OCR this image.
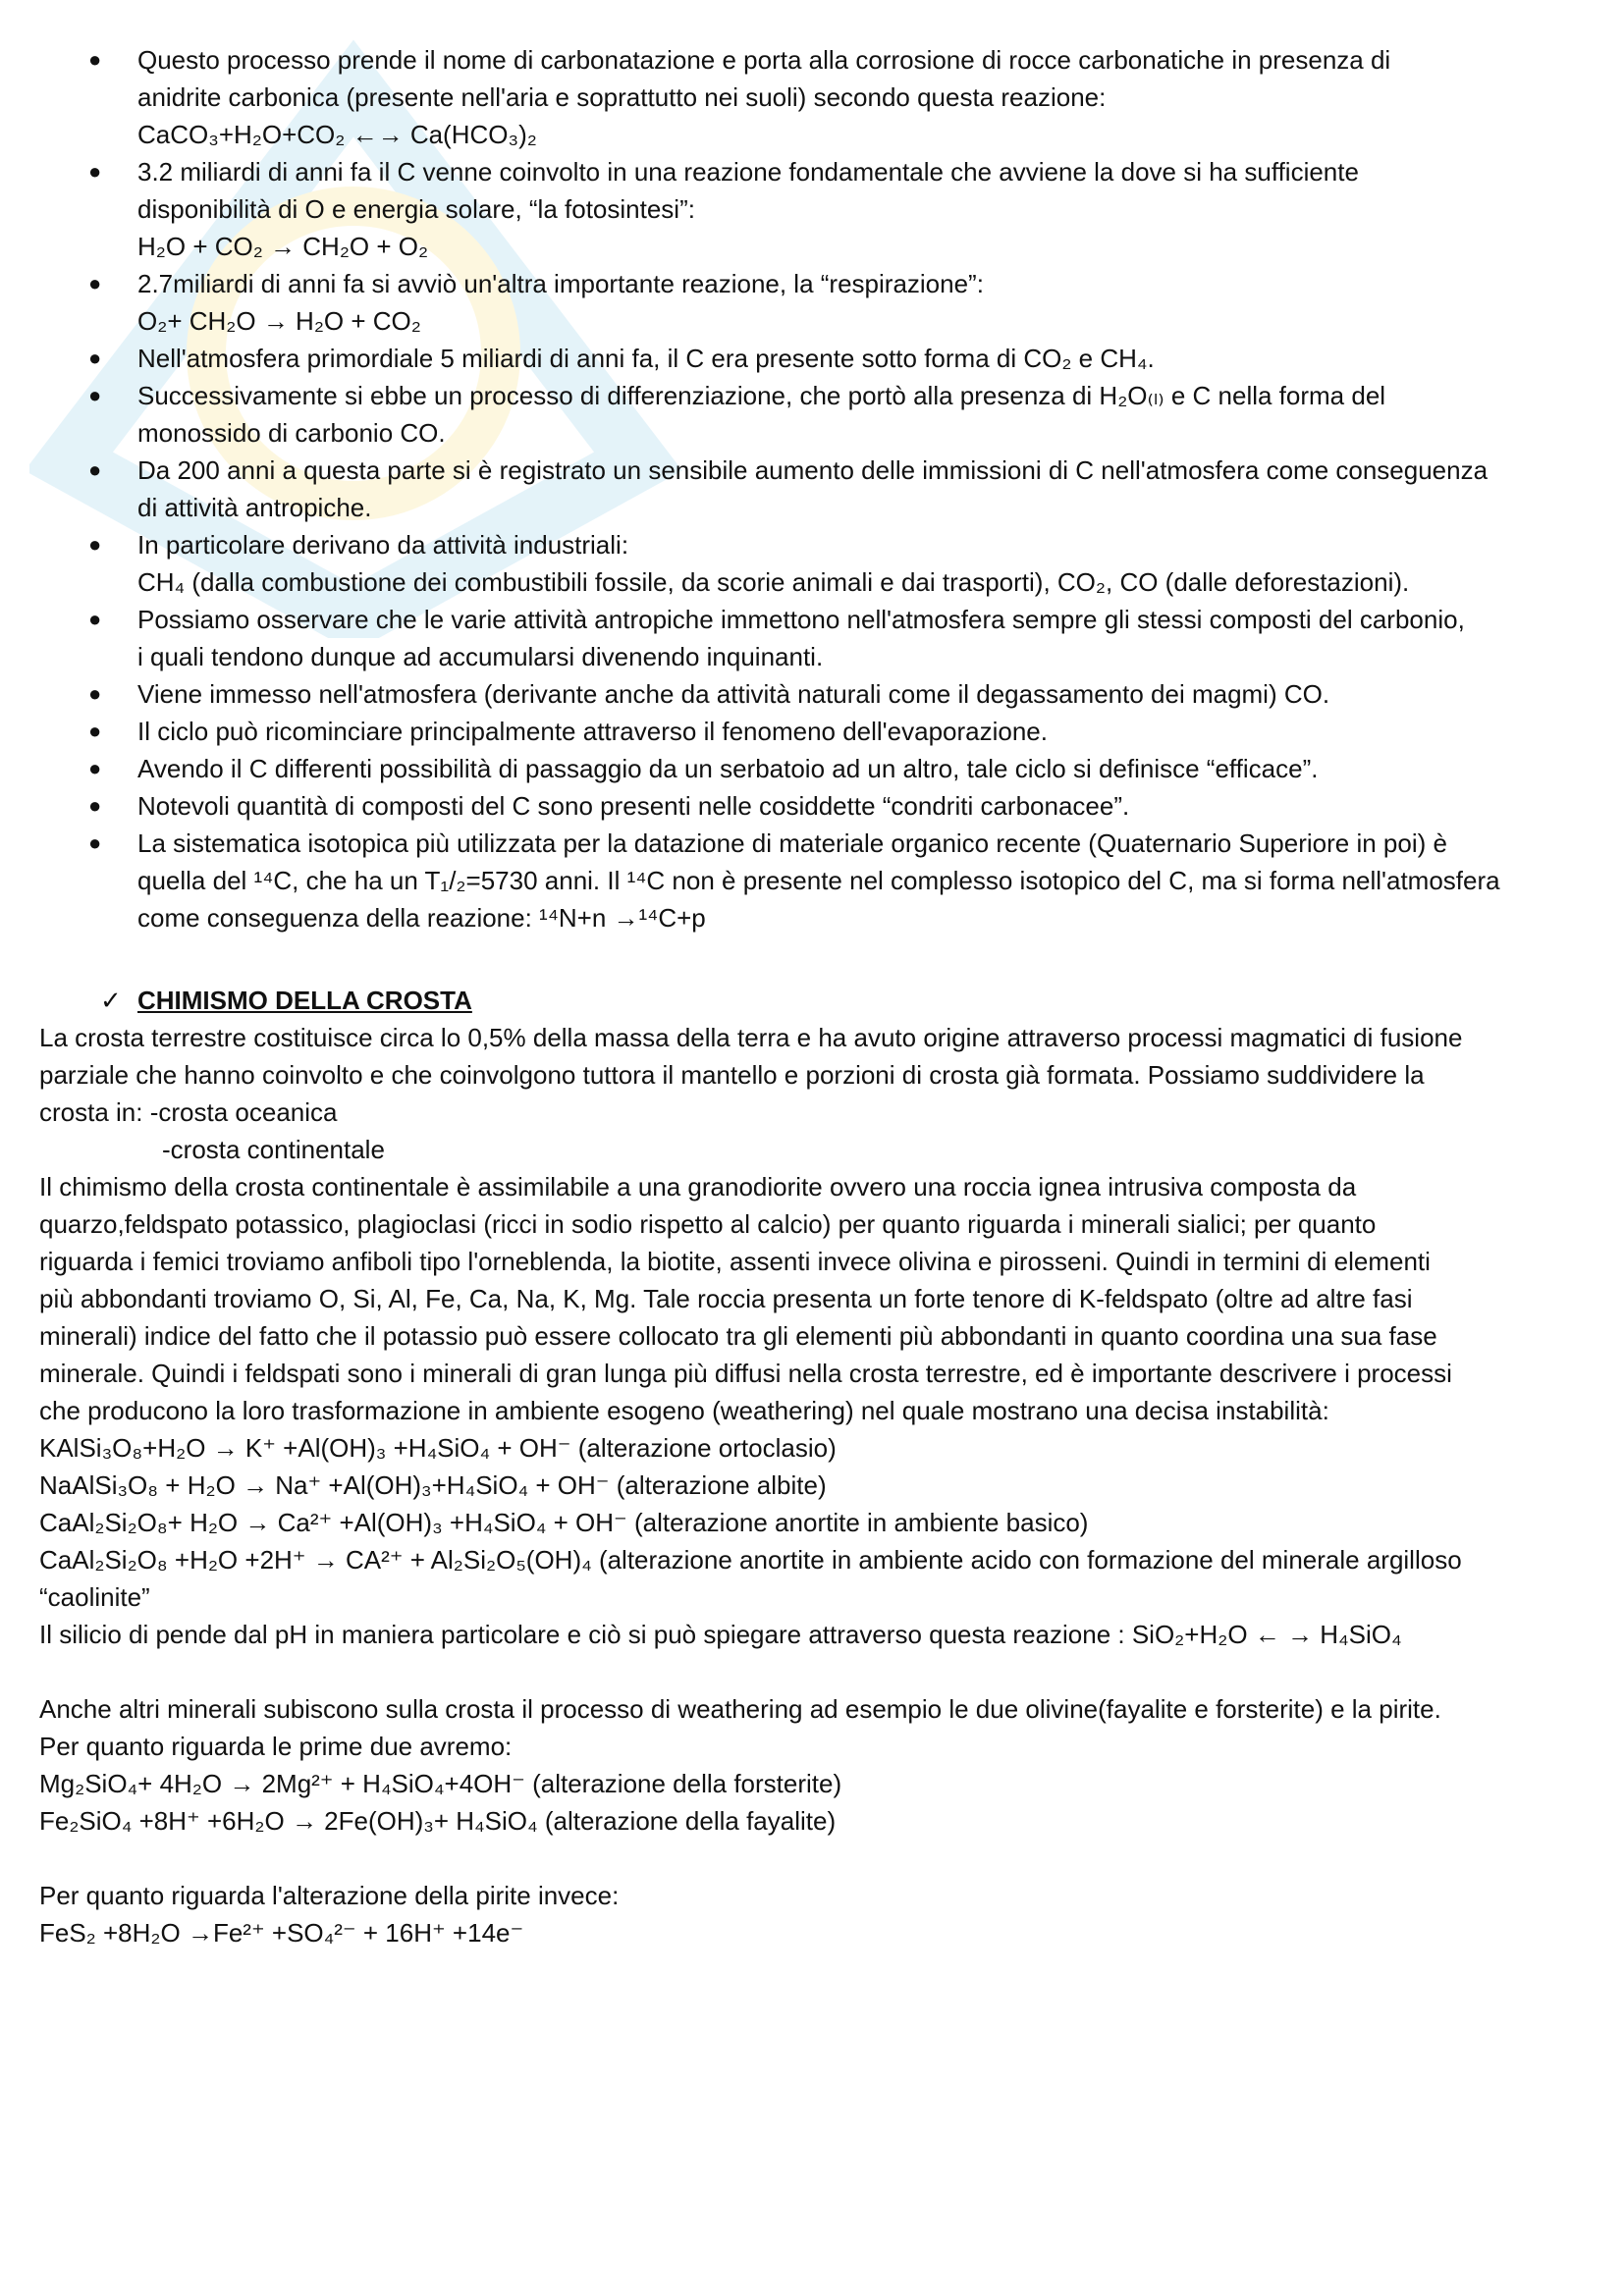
● Questo processo prende il nome di carbonatazione e porta alla corrosione di rocce carbonatiche in presenza di
anidrite carbonica (presente nell'aria e soprattutto nei suoli) secondo questa reazione:
CaCO₃+H₂O+CO₂ ←→ Ca(HCO₃)₂
● 3.2 miliardi di anni fa il C venne coinvolto in una reazione fondamentale che avviene la dove si ha sufficiente
disponibilità di O e energia solare, “la fotosintesi”:
H₂O + CO₂ → CH₂O + O₂
● 2.7miliardi di anni fa si avviò un'altra importante reazione, la “respirazione”:
O₂+ CH₂O → H₂O + CO₂
● Nell'atmosfera primordiale 5 miliardi di anni fa, il C era presente sotto forma di CO₂ e CH₄.
● Successivamente si ebbe un processo di differenziazione, che portò alla presenza di H₂O₍ₗ₎ e C nella forma del
monossido di carbonio CO.
● Da 200 anni a questa parte si è registrato un sensibile aumento delle immissioni di C nell'atmosfera come conseguenza
di attività antropiche.
● In particolare derivano da attività industriali:
CH₄ (dalla combustione dei combustibili fossile, da scorie animali e dai trasporti), CO₂, CO (dalle deforestazioni).
● Possiamo osservare che le varie attività antropiche immettono nell'atmosfera sempre gli stessi composti del carbonio,
i quali tendono dunque ad accumularsi divenendo inquinanti.
● Viene immesso nell'atmosfera (derivante anche da attività naturali come il degassamento dei magmi) CO.
● Il ciclo può ricominciare principalmente attraverso il fenomeno dell'evaporazione.
● Avendo il C differenti possibilità di passaggio da un serbatoio ad un altro, tale ciclo si definisce “efficace”.
● Notevoli quantità di composti del C sono presenti nelle cosiddette “condriti carbonacee”.
● La sistematica isotopica più utilizzata per la datazione di materiale organico recente (Quaternario Superiore in poi) è
quella del ¹⁴C, che ha un T₁/₂=5730 anni. Il ¹⁴C non è presente nel complesso isotopico del C, ma si forma nell'atmosfera
come conseguenza della reazione: ¹⁴N+n →¹⁴C+p
✓ CHIMISMO DELLA CROSTA
La crosta terrestre costituisce circa lo 0,5% della massa della terra e ha avuto origine attraverso processi magmatici di fusione
parziale che hanno coinvolto e che coinvolgono tuttora il mantello e porzioni di crosta già formata. Possiamo suddividere la
crosta in: -crosta oceanica
-crosta continentale
Il chimismo della crosta continentale è assimilabile a una granodiorite ovvero una roccia ignea intrusiva composta da
quarzo,feldspato potassico, plagioclasi (ricci in sodio rispetto al calcio) per quanto riguarda i minerali sialici; per quanto
riguarda i femici troviamo anfiboli tipo l'orneblenda, la biotite, assenti invece olivina e pirosseni. Quindi in termini di elementi
più abbondanti troviamo O, Si, Al, Fe, Ca, Na, K, Mg. Tale roccia presenta un forte tenore di K-feldspato (oltre ad altre fasi
minerali) indice del fatto che il potassio può essere collocato tra gli elementi più abbondanti in quanto coordina una sua fase
minerale. Quindi i feldspati sono i minerali di gran lunga più diffusi nella crosta terrestre, ed è importante descrivere i processi
che producono la loro trasformazione in ambiente esogeno (weathering) nel quale mostrano una decisa instabilità:
KAlSi₃O₈+H₂O → K⁺ +Al(OH)₃ +H₄SiO₄ + OH⁻ (alterazione ortoclasio)
NaAlSi₃O₈ + H₂O → Na⁺ +Al(OH)₃+H₄SiO₄ + OH⁻ (alterazione albite)
CaAl₂Si₂O₈+ H₂O → Ca²⁺ +Al(OH)₃ +H₄SiO₄ + OH⁻ (alterazione anortite in ambiente basico)
CaAl₂Si₂O₈ +H₂O +2H⁺ → CA²⁺ + Al₂Si₂O₅(OH)₄ (alterazione anortite in ambiente acido con formazione del minerale argilloso
“caolinite”
Il silicio di pende dal pH in maniera particolare e ciò si può spiegare attraverso questa reazione : SiO₂+H₂O ← → H₄SiO₄
Anche altri minerali subiscono sulla crosta il processo di weathering ad esempio le due olivine(fayalite e forsterite) e la pirite.
Per quanto riguarda le prime due avremo:
Mg₂SiO₄+ 4H₂O → 2Mg²⁺ + H₄SiO₄+4OH⁻ (alterazione della forsterite)
Fe₂SiO₄ +8H⁺ +6H₂O → 2Fe(OH)₃+ H₄SiO₄ (alterazione della fayalite)
Per quanto riguarda l'alterazione della pirite invece:
FeS₂ +8H₂O →Fe²⁺ +SO₄²⁻ + 16H⁺ +14e⁻
